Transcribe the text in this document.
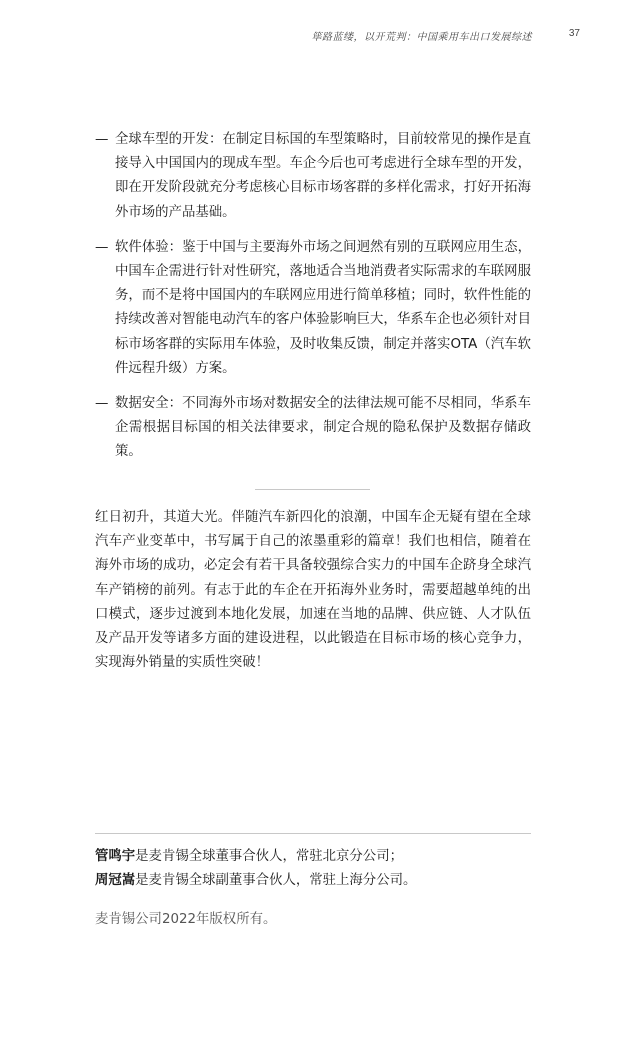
筚路蓝缕，以开荒判：中国乘用车出口发展综述	37
— 全球车型的开发：在制定目标国的车型策略时，目前较常见的操作是直接导入中国国内的现成车型。车企今后也可考虑进行全球车型的开发，即在开发阶段就充分考虑核心目标市场客群的多样化需求，打好开拓海外市场的产品基础。
— 软件体验：鉴于中国与主要海外市场之间迥然有别的互联网应用生态，中国车企需进行针对性研究，落地适合当地消费者实际需求的车联网服务，而不是将中国国内的车联网应用进行简单移植；同时，软件性能的持续改善对智能电动汽车的客户体验影响巨大，华系车企也必须针对目标市场客群的实际用车体验，及时收集反馈，制定并落实OTA（汽车软件远程升级）方案。
— 数据安全：不同海外市场对数据安全的法律法规可能不尽相同，华系车企需根据目标国的相关法律要求，制定合规的隐私保护及数据存储政策。
红日初升，其道大光。伴随汽车新四化的浪潮，中国车企无疑有望在全球汽车产业变革中，书写属于自己的浓墨重彩的篇章！我们也相信，随着在海外市场的成功，必定会有若干具备较强综合实力的中国车企跻身全球汽车产销榜的前列。有志于此的车企在开拓海外业务时，需要超越单纯的出口模式，逐步过渡到本地化发展，加速在当地的品牌、供应链、人才队伍及产品开发等诸多方面的建设进程，以此锻造在目标市场的核心竞争力，实现海外销量的实质性突破！
管鸣宇是麦肯锡全球董事合伙人，常驻北京分公司；
周冠嵩是麦肯锡全球副董事合伙人，常驻上海分公司。
麦肯锡公司2022年版权所有。
